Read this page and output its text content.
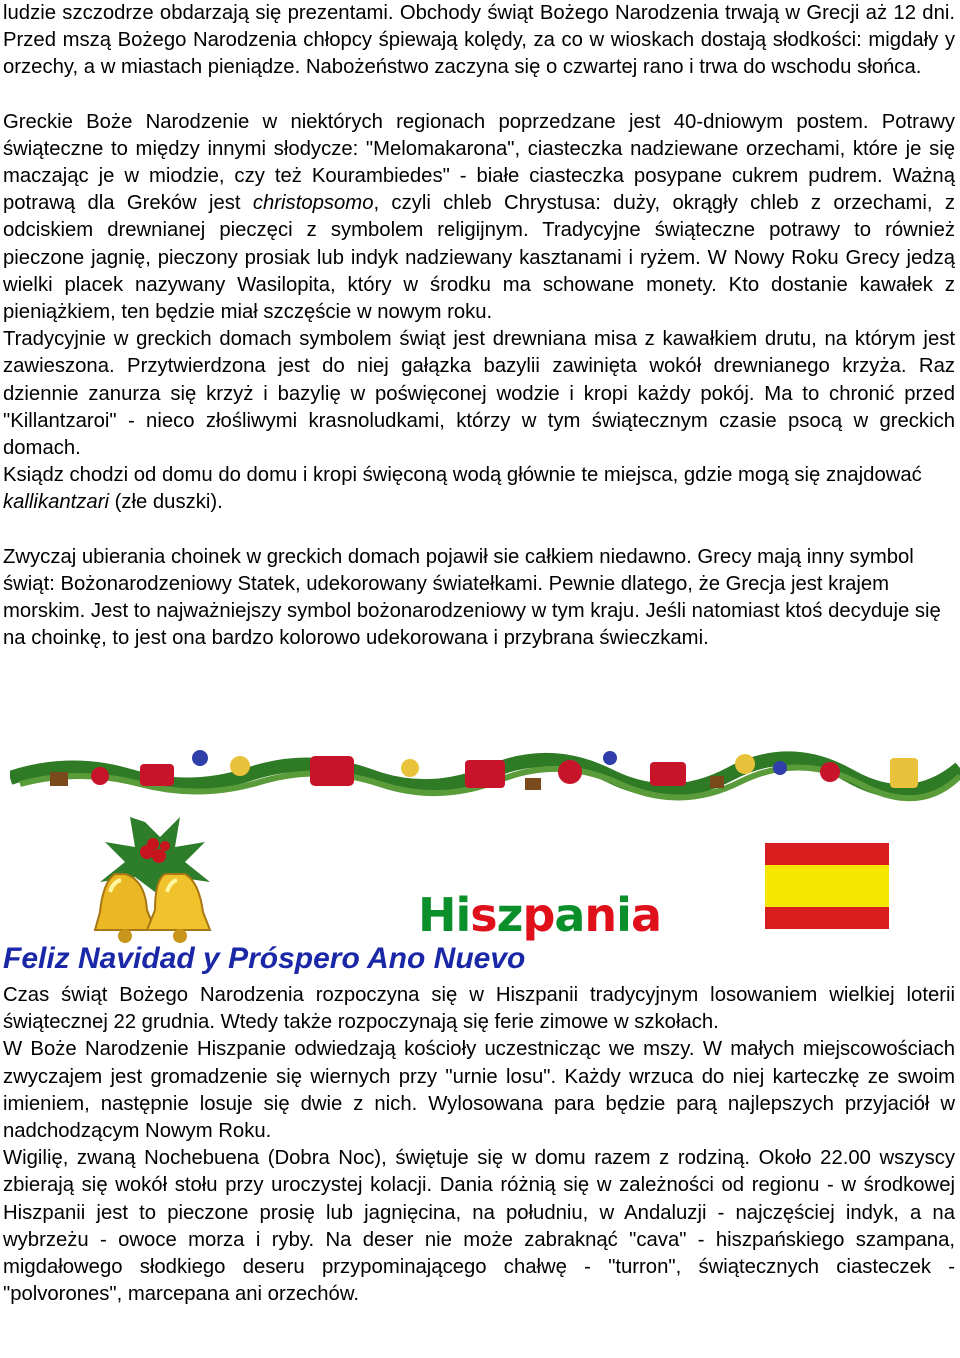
ludzie szczodrze obdarzają się prezentami. Obchody świąt Bożego Narodzenia trwają w Grecji aż 12 dni. Przed mszą Bożego Narodzenia chłopcy śpiewają kolędy, za co w wioskach dostają słodkości: migdały y orzechy, a w miastach pieniądze. Nabożeństwo zaczyna się o czwartej rano i trwa do wschodu słońca.

Greckie Boże Narodzenie w niektórych regionach poprzedzane jest 40-dniowym postem. Potrawy świąteczne to między innymi słodycze: "Melomakarona", ciasteczka nadziewane orzechami, które je się maczając je w miodzie, czy też Kourambiedes" - białe ciasteczka posypane cukrem pudrem. Ważną potrawą dla Greków jest christopsomo, czyli chleb Chrystusa: duży, okrągły chleb z orzechami, z odciskiem drewnianej pieczęci z symbolem religijnym. Tradycyjne świąteczne potrawy to również pieczone jagnię, pieczony prosiak lub indyk nadziewany kasztanami i ryżem. W Nowy Roku Grecy jedzą wielki placek nazywany Wasilopita, który w środku ma schowane monety. Kto dostanie kawałek z pieniążkiem, ten będzie miał szczęście w nowym roku.

Tradycyjnie w greckich domach symbolem świąt jest drewniana misa z kawałkiem drutu, na którym jest zawieszona. Przytwierdzona jest do niej gałązka bazylii zawinięta wokół drewnianego krzyża. Raz dziennie zanurza się krzyż i bazylię w poświęconej wodzie i kropi każdy pokój. Ma to chronić przed "Killantzaroi" - nieco złośliwymi krasnoludkami, którzy w tym świątecznym czasie psocą w greckich domach.

Ksiądz chodzi od domu do domu i kropi święconą wodą głównie te miejsca, gdzie mogą się znajdować kallikantzari (złe duszki).

Zwyczaj ubierania choinek w greckich domach pojawił sie całkiem niedawno. Grecy mają inny symbol świąt: Bożonarodzeniowy Statek, udekorowany światełkami. Pewnie dlatego, że Grecja jest krajem morskim. Jest to najważniejszy symbol bożonarodzeniowy w tym kraju. Jeśli natomiast ktoś decyduje się na choinkę, to jest ona bardzo kolorowo udekorowana i przybrana świeczkami.

Hiszpania
Feliz Navidad y Próspero Ano Nuevo

Czas świąt Bożego Narodzenia rozpoczyna się w Hiszpanii tradycyjnym losowaniem wielkiej loterii świątecznej 22 grudnia. Wtedy także rozpoczynają się ferie zimowe w szkołach.

W Boże Narodzenie Hiszpanie odwiedzają kościoły uczestnicząc we mszy. W małych miejscowościach zwyczajem jest gromadzenie się wiernych przy "urnie losu". Każdy wrzuca do niej karteczkę ze swoim imieniem, następnie losuje się dwie z nich. Wylosowana para będzie parą najlepszych przyjaciół w nadchodzącym Nowym Roku.

Wigilię, zwaną Nochebuena (Dobra Noc), świętuje się w domu razem z rodziną. Około 22.00 wszyscy zbierają się wokół stołu przy uroczystej kolacji. Dania różnią się w zależności od regionu - w środkowej Hiszpanii jest to pieczone prosię lub jagnięcina, na południu, w Andaluzji - najczęściej indyk, a na wybrzeżu - owoce morza i ryby. Na deser nie może zabraknąć "cava" - hiszpańskiego szampana, migdałowego słodkiego deseru przypominającego chałwę - "turron", świątecznych ciasteczek - "polvorones", marcepana ani orzechów.
